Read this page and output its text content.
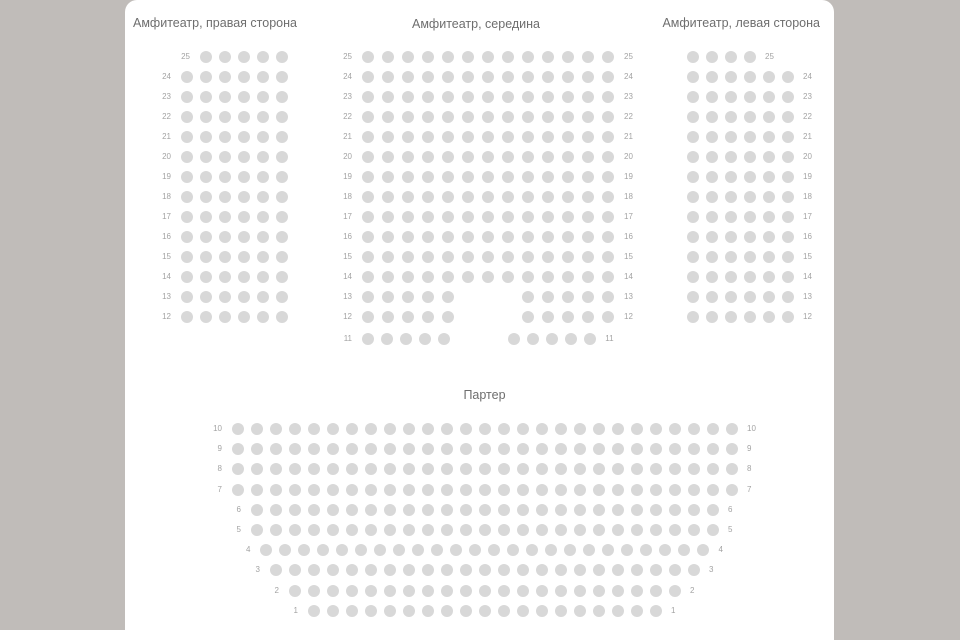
Амфитеатр, правая сторона
25
24
23
22
21
20
19
18
17
16
15
14
13
12
Амфитеатр, середина
25	25
24	24
23	23
22	22
21	21
20	20
19	19
18	18
17	17
16	16
15	15
14	14
13	13
12	12
11	11
Амфитеатр, левая сторона
25
24
23
22
21
20
19
18
17
16
15
14
13
12
Партер
10	10
9	9
8	8
7	7
6	6
5	5
4	4
3	3
2	2
1	1
